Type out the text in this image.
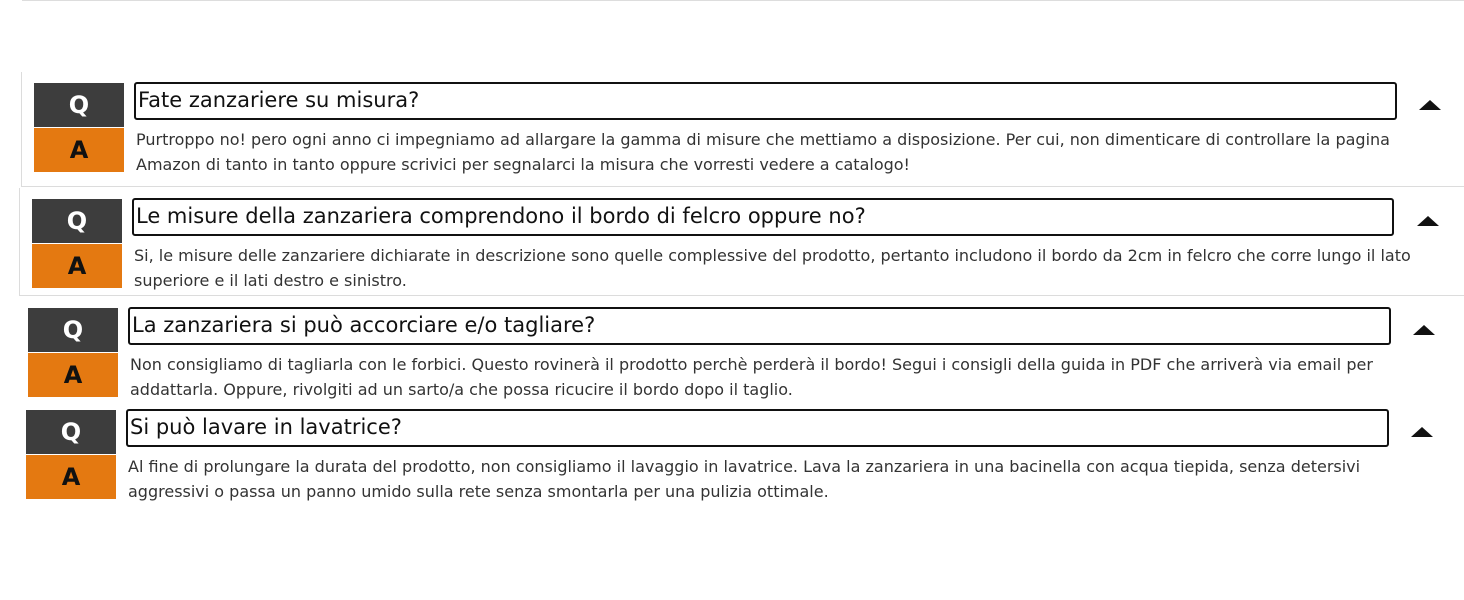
Q
A
Fate zanzariere su misura?
Purtroppo no! pero ogni anno ci impegniamo ad allargare la gamma di misure che mettiamo a disposizione. Per cui, non dimenticare di controllare la pagina
Amazon di tanto in tanto oppure scrivici per segnalarci la misura che vorresti vedere a catalogo!
Q
A
Le misure della zanzariera comprendono il bordo di felcro oppure no?
Si, le misure delle zanzariere dichiarate in descrizione sono quelle complessive del prodotto, pertanto includono il bordo da 2cm in felcro che corre lungo il lato
superiore e il lati destro e sinistro.
Q
A
La zanzariera si può accorciare e/o tagliare?
Non consigliamo di tagliarla con le forbici. Questo rovinerà il prodotto perchè perderà il bordo! Segui i consigli della guida in PDF che arriverà via email per
addattarla. Oppure, rivolgiti ad un sarto/a che possa ricucire il bordo dopo il taglio.
Q
A
Si può lavare in lavatrice?
Al fine di prolungare la durata del prodotto, non consigliamo il lavaggio in lavatrice. Lava la zanzariera in una bacinella con acqua tiepida, senza detersivi
aggressivi o passa un panno umido sulla rete senza smontarla per una pulizia ottimale.
